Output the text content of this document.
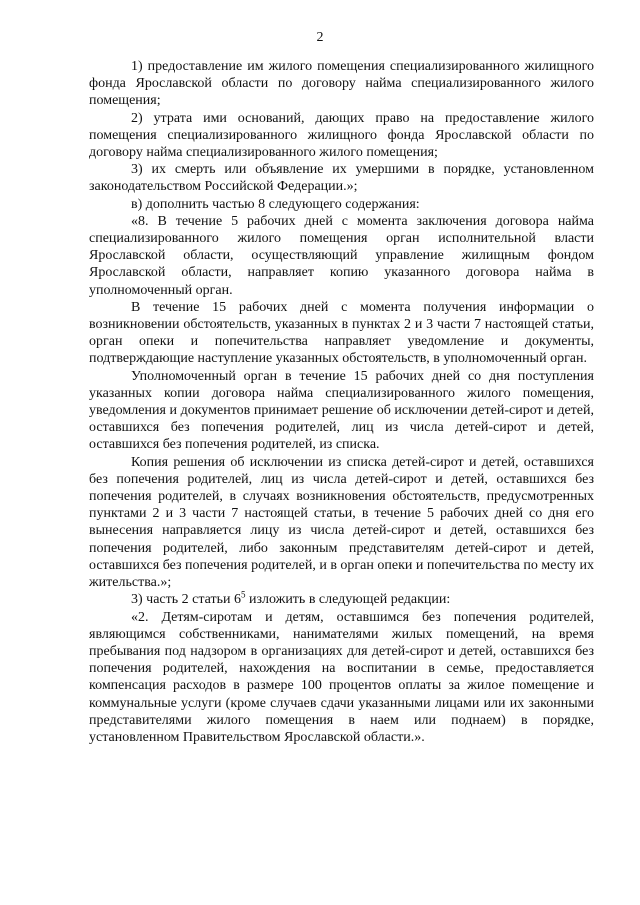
2

1) предоставление им жилого помещения специализированного жилищного фонда Ярославской области по договору найма специализированного жилого помещения;

2) утрата ими оснований, дающих право на предоставление жилого помещения специализированного жилищного фонда Ярославской области по договору найма специализированного жилого помещения;

3) их смерть или объявление их умершими в порядке, установленном законодательством Российской Федерации.»;

в) дополнить частью 8 следующего содержания:

«8. В течение 5 рабочих дней с момента заключения договора найма специализированного жилого помещения орган исполнительной власти Ярославской области, осуществляющий управление жилищным фондом Ярославской области, направляет копию указанного договора найма в уполномоченный орган.

В течение 15 рабочих дней с момента получения информации о возникновении обстоятельств, указанных в пунктах 2 и 3 части 7 настоящей статьи, орган опеки и попечительства направляет уведомление и документы, подтверждающие наступление указанных обстоятельств, в уполномоченный орган.

Уполномоченный орган в течение 15 рабочих дней со дня поступления указанных копии договора найма специализированного жилого помещения, уведомления и документов принимает решение об исключении детей-сирот и детей, оставшихся без попечения родителей, лиц из числа детей-сирот и детей, оставшихся без попечения родителей, из списка.

Копия решения об исключении из списка детей-сирот и детей, оставшихся без попечения родителей, лиц из числа детей-сирот и детей, оставшихся без попечения родителей, в случаях возникновения обстоятельств, предусмотренных пунктами 2 и 3 части 7 настоящей статьи, в течение 5 рабочих дней со дня его вынесения направляется лицу из числа детей-сирот и детей, оставшихся без попечения родителей, либо законным представителям детей-сирот и детей, оставшихся без попечения родителей, и в орган опеки и попечительства по месту их жительства.»;

3) часть 2 статьи $6^5$ изложить в следующей редакции:

«2. Детям-сиротам и детям, оставшимся без попечения родителей, являющимся собственниками, нанимателями жилых помещений, на время пребывания под надзором в организациях для детей-сирот и детей, оставшихся без попечения родителей, нахождения на воспитании в семье, предоставляется компенсация расходов в размере 100 процентов оплаты за жилое помещение и коммунальные услуги (кроме случаев сдачи указанными лицами или их законными представителями жилого помещения в наем или поднаем) в порядке, установленном Правительством Ярославской области.».
